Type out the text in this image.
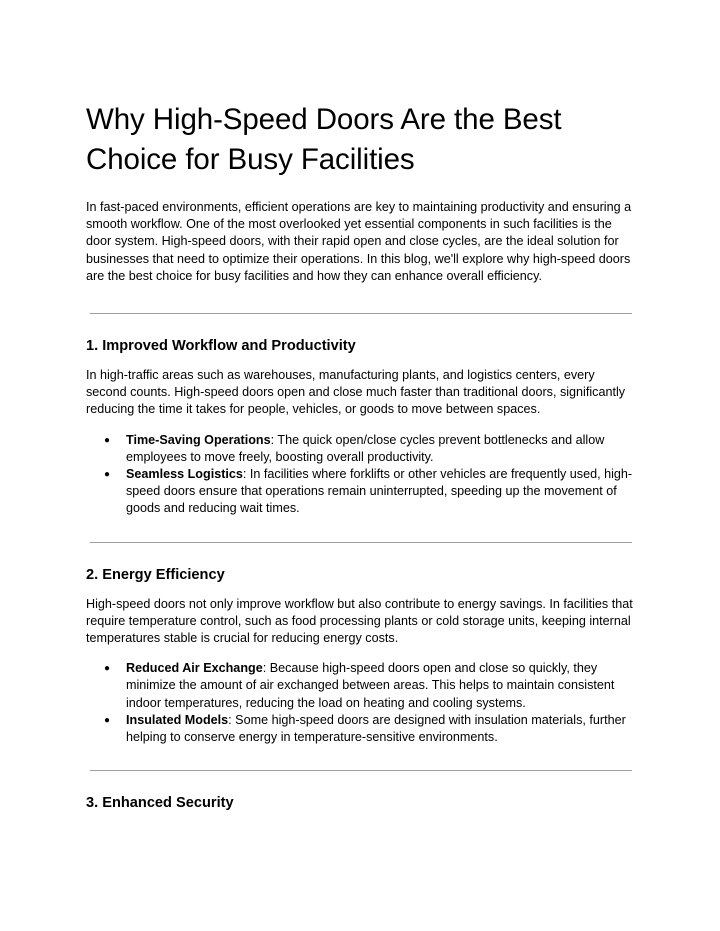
Why High-Speed Doors Are the Best Choice for Busy Facilities

In fast-paced environments, efficient operations are key to maintaining productivity and ensuring a smooth workflow. One of the most overlooked yet essential components in such facilities is the door system. High-speed doors, with their rapid open and close cycles, are the ideal solution for businesses that need to optimize their operations. In this blog, we'll explore why high-speed doors are the best choice for busy facilities and how they can enhance overall efficiency.

1. Improved Workflow and Productivity

In high-traffic areas such as warehouses, manufacturing plants, and logistics centers, every second counts. High-speed doors open and close much faster than traditional doors, significantly reducing the time it takes for people, vehicles, or goods to move between spaces.

● Time-Saving Operations: The quick open/close cycles prevent bottlenecks and allow employees to move freely, boosting overall productivity.
● Seamless Logistics: In facilities where forklifts or other vehicles are frequently used, high-speed doors ensure that operations remain uninterrupted, speeding up the movement of goods and reducing wait times.
2. Energy Efficiency

High-speed doors not only improve workflow but also contribute to energy savings. In facilities that require temperature control, such as food processing plants or cold storage units, keeping internal temperatures stable is crucial for reducing energy costs.

● Reduced Air Exchange: Because high-speed doors open and close so quickly, they minimize the amount of air exchanged between areas. This helps to maintain consistent indoor temperatures, reducing the load on heating and cooling systems.
● Insulated Models: Some high-speed doors are designed with insulation materials, further helping to conserve energy in temperature-sensitive environments.
3. Enhanced Security
